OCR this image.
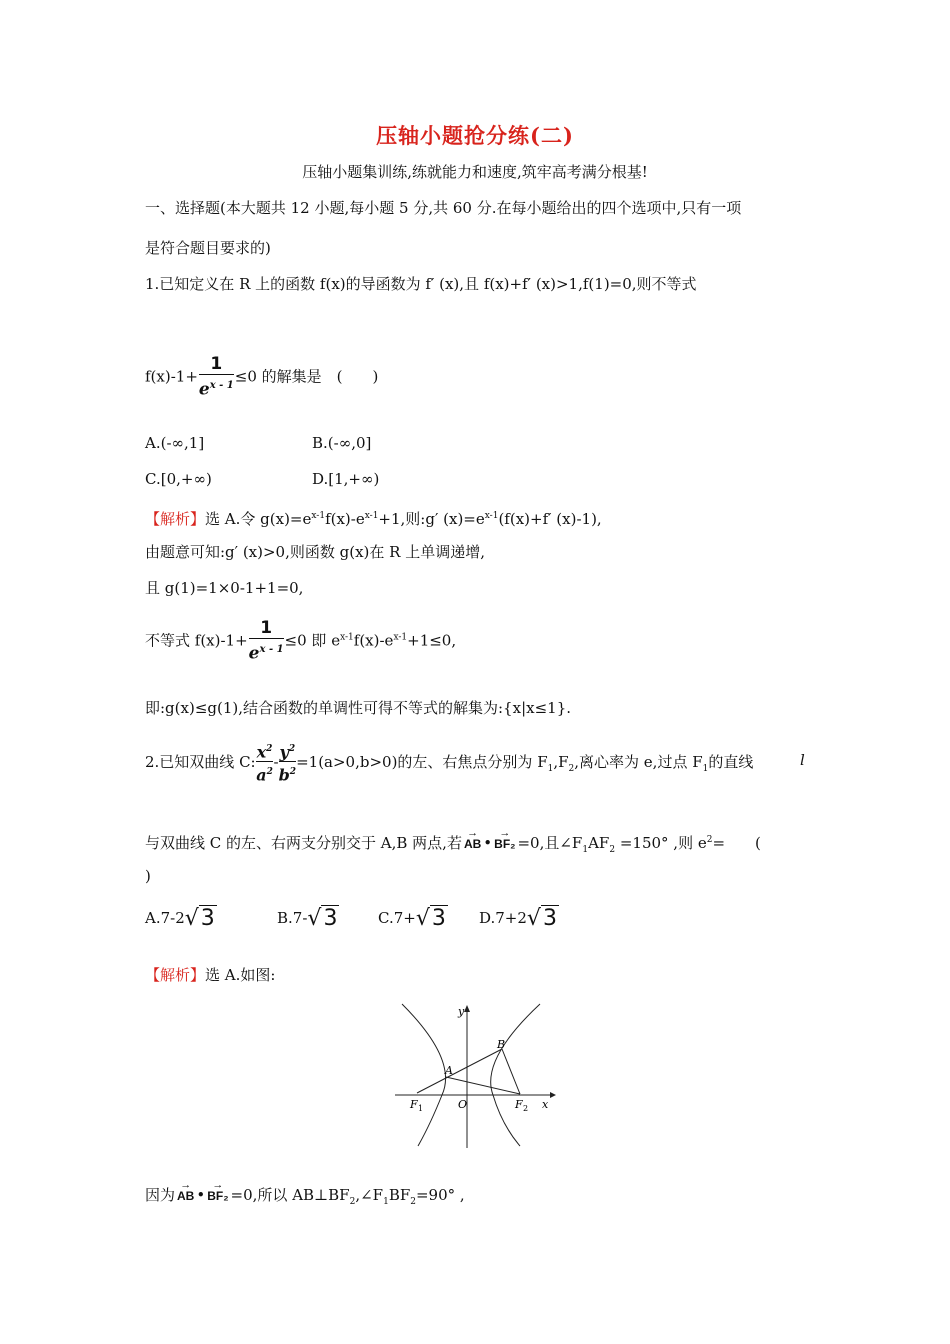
压轴小题抢分练(二)
压轴小题集训练,练就能力和速度,筑牢高考满分根基!
一、选择题(本大题共 12 小题,每小题 5 分,共 60 分.在每小题给出的四个选项中,只有一项
是符合题目要求的)
1.已知定义在 R 上的函数 f(x)的导函数为 f′ (x),且 f(x)+f′ (x)>1,f(1)=0,则不等式
$f(x)-1+ \frac{1}{e^{x - 1}} \le 0$ 的解集是　(　　)
A.(-∞,1]	B.(-∞,0]
C.[0,+∞)	D.[1,+∞)
【解析】选 A.令 $g(x)=e^{x-1}f(x)-e^{x-1}+1$,则:g′ $(x)=e^{x-1}(f(x)+f'$ (x)-1),
由题意可知:g′ (x)>0,则函数 g(x)在 R 上单调递增,
且 g(1)=1×0-1+1=0,
不等式 $f(x)-1+ \frac{1}{e^{x - 1}} \le 0$ 即 $e^{x-1}f(x)-e^{x-1}+1\le 0$,
即:g(x)≤g(1),结合函数的单调性可得不等式的解集为:{x|x≤1}.
2.已知双曲线 C: $\frac{x^2}{a^2} - \frac{y^2}{b^2} =1(a>0,b>0)$的左、右焦点分别为 $F_1,F_2$,离心率为 e,过点 $F_1$的直线	l
与双曲线 C 的左、右两支分别交于 A,B 两点,若 → AB • → BF₂ =0,且$\angle F_1AF_2 =150^\circ$ ,则 $e^2=$　　(
)
A.7-2√3	B.7-√3	C.7+√3 D.7+2√3
【解析】选 A.如图:
y
x
A
B
O
F 1	F 2
因为 → AB • → BF₂ =0,所以 $AB\perp BF_2,\angle F_1BF_2=90^\circ$ ,
